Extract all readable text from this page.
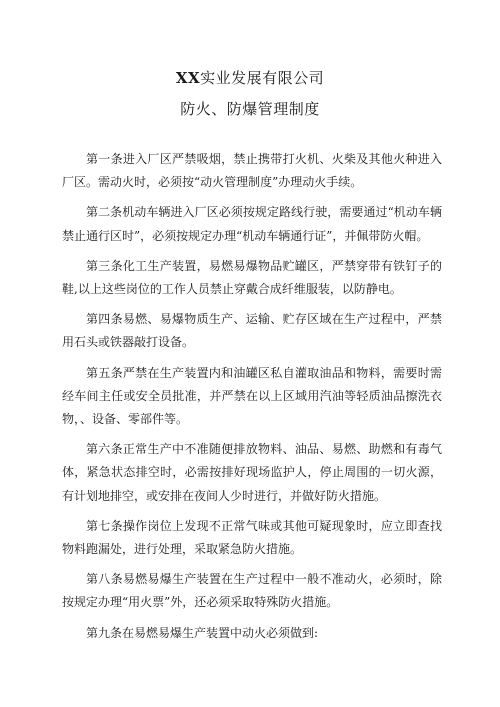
XX实业发展有限公司
防火、防爆管理制度

第一条进入厂区严禁吸烟，禁止携带打火机、火柴及其他火种进入厂区。需动火时，必须按“动火管理制度”办理动火手续。

第二条机动车辆进入厂区必须按规定路线行驶，需要通过“机动车辆禁止通行区时”，必须按规定办理“机动车辆通行证”，并佩带防火帽。

第三条化工生产装置，易燃易爆物品贮罐区，严禁穿带有铁钉子的鞋,以上这些岗位的工作人员禁止穿戴合成纤维服装，以防静电。

第四条易燃、易爆物质生产、运输、贮存区域在生产过程中，严禁用石头或铁器敲打设备。

第五条严禁在生产装置内和油罐区私自灌取油品和物料，需要时需经车间主任或安全员批准，并严禁在以上区域用汽油等轻质油品擦洗衣物，、设备、零部件等。

第六条正常生产中不准随便排放物料、油品、易燃、助燃和有毒气体，紧急状态排空时，必需按排好现场监护人，停止周围的一切火源，有计划地排空，或安排在夜间人少时进行，并做好防火措施。

第七条操作岗位上发现不正常气味或其他可疑现象时，应立即查找物料跑漏处，进行处理，采取紧急防火措施。

第八条易燃易爆生产装置在生产过程中一般不准动火，必须时，除按规定办理“用火票”外，还必须采取特殊防火措施。

第九条在易燃易爆生产装置中动火必须做到:
